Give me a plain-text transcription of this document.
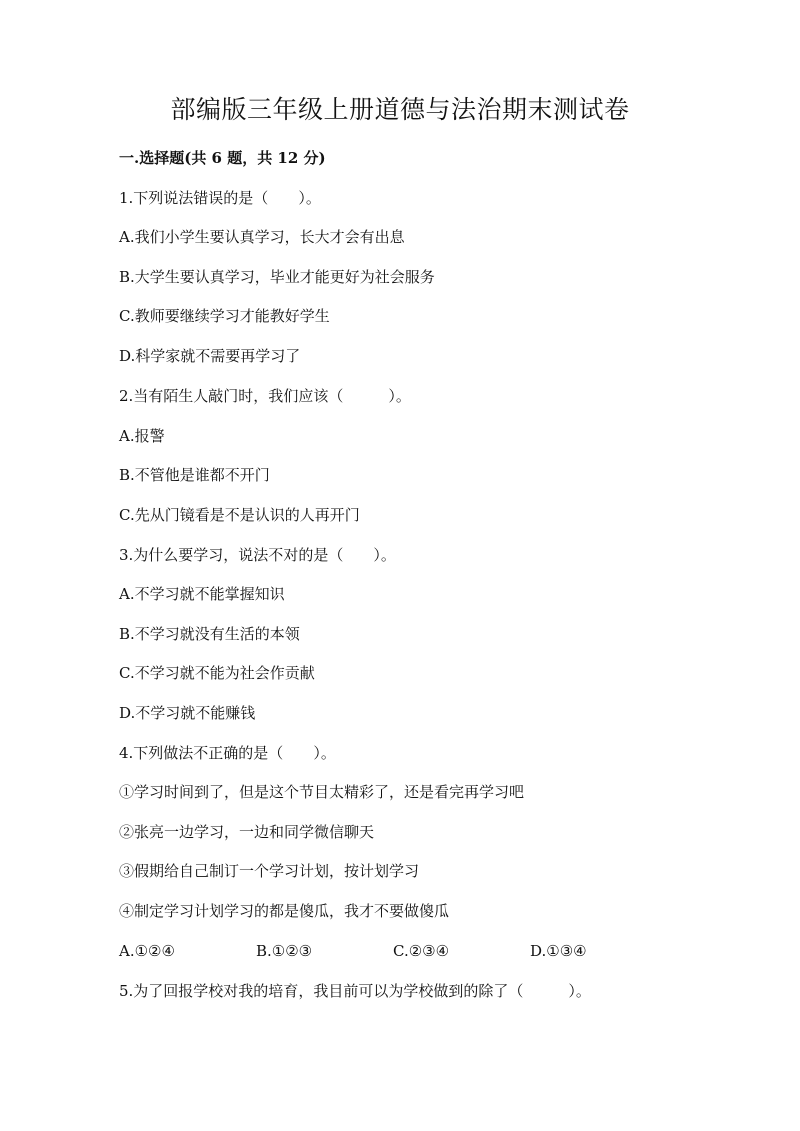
部编版三年级上册道德与法治期末测试卷
一.选择题(共 6 题，共 12 分)
1.下列说法错误的是（　　）。
A.我们小学生要认真学习，长大才会有出息
B.大学生要认真学习，毕业才能更好为社会服务
C.教师要继续学习才能教好学生
D.科学家就不需要再学习了
2.当有陌生人敲门时，我们应该（　　　）。
A.报警
B.不管他是谁都不开门
C.先从门镜看是不是认识的人再开门
3.为什么要学习，说法不对的是（　　）。
A.不学习就不能掌握知识
B.不学习就没有生活的本领
C.不学习就不能为社会作贡献
D.不学习就不能赚钱
4.下列做法不正确的是（　　）。
①学习时间到了，但是这个节目太精彩了，还是看完再学习吧
②张亮一边学习，一边和同学微信聊天
③假期给自己制订一个学习计划，按计划学习
④制定学习计划学习的都是傻瓜，我才不要做傻瓜
A.①②④	B.①②③	C.②③④	D.①③④
5.为了回报学校对我的培育，我目前可以为学校做到的除了（　　　）。
